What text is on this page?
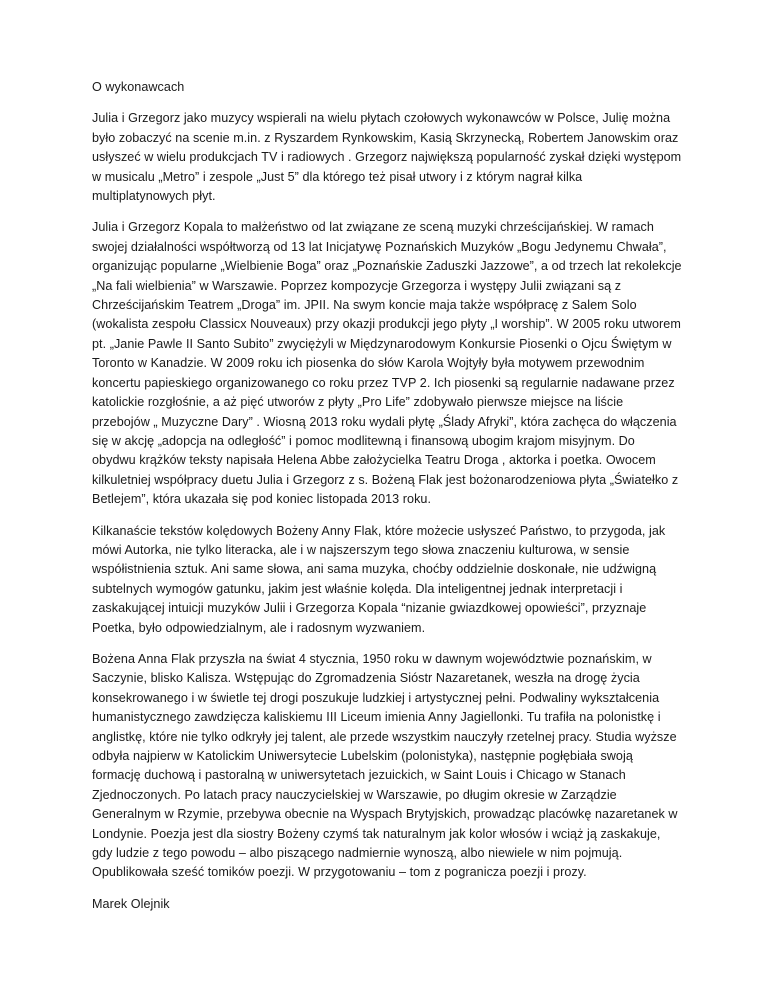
O wykonawcach

Julia i Grzegorz jako muzycy wspierali na wielu płytach czołowych wykonawców w Polsce, Julię można było zobaczyć na scenie m.in. z Ryszardem Rynkowskim, Kasią Skrzynecką, Robertem Janowskim oraz usłyszeć w wielu produkcjach TV i radiowych . Grzegorz największą popularność zyskał dzięki występom w musicalu „Metro” i zespole „Just 5” dla którego też pisał utwory i z którym nagrał kilka multiplatynowych płyt.

Julia i Grzegorz Kopala to małżeństwo od lat związane ze sceną muzyki chrześcijańskiej. W ramach swojej działalności współtworzą od 13 lat Inicjatywę Poznańskich Muzyków „Bogu Jedynemu Chwała”, organizując popularne „Wielbienie Boga” oraz „Poznańskie Zaduszki Jazzowe”, a od trzech lat rekolekcje „Na fali wielbienia” w Warszawie. Poprzez kompozycje Grzegorza i występy Julii związani są z Chrześcijańskim Teatrem „Droga” im. JPII. Na swym koncie maja także współpracę z Salem Solo (wokalista zespołu Classicx Nouveaux) przy okazji produkcji jego płyty „I worship”. W 2005 roku utworem pt. „Janie Pawle II Santo Subito” zwyciężyli w Międzynarodowym Konkursie Piosenki o Ojcu Świętym w Toronto w Kanadzie. W 2009 roku ich piosenka do słów Karola Wojtyły była motywem przewodnim koncertu papieskiego organizowanego co roku przez TVP 2. Ich piosenki są regularnie nadawane przez katolickie rozgłośnie, a aż pięć utworów z płyty „Pro Life” zdobywało pierwsze miejsce na liście przebojów „ Muzyczne Dary” . Wiosną 2013 roku wydali płytę „Ślady Afryki”, która zachęca do włączenia się w akcję „adopcja na odległość” i pomoc modlitewną i finansową ubogim krajom misyjnym. Do obydwu krążków teksty napisała Helena Abbe założycielka Teatru Droga , aktorka i poetka. Owocem kilkuletniej współpracy duetu Julia i Grzegorz z s. Bożeną Flak jest bożonarodzeniowa płyta „Światełko z Betlejem”, która ukazała się pod koniec listopada 2013 roku.

Kilkanaście tekstów kolędowych Bożeny Anny Flak, które możecie usłyszeć Państwo, to przygoda, jak mówi Autorka, nie tylko literacka, ale i w najszerszym tego słowa znaczeniu kulturowa, w sensie współistnienia sztuk. Ani same słowa, ani sama muzyka, choćby oddzielnie doskonałe, nie udźwigną subtelnych wymogów gatunku, jakim jest właśnie kolęda. Dla inteligentnej jednak interpretacji i zaskakującej intuicji muzyków Julii i Grzegorza Kopala “nizanie gwiazdkowej opowieści”, przyznaje Poetka, było odpowiedzialnym, ale i radosnym wyzwaniem.

Bożena Anna Flak przyszła na świat 4 stycznia, 1950 roku w dawnym województwie poznańskim, w Saczynie, blisko Kalisza. Wstępując do Zgromadzenia Sióstr Nazaretanek, weszła na drogę życia konsekrowanego i w świetle tej drogi poszukuje ludzkiej i artystycznej pełni. Podwaliny wykształcenia humanistycznego zawdzięcza kaliskiemu III Liceum imienia Anny Jagiellonki. Tu trafiła na polonistkę i anglistkę, które nie tylko odkryły jej talent, ale przede wszystkim nauczyły rzetelnej pracy. Studia wyższe odbyła najpierw w Katolickim Uniwersytecie Lubelskim (polonistyka), następnie pogłębiała swoją formację duchową i pastoralną w uniwersytetach jezuickich, w Saint Louis i Chicago w Stanach Zjednoczonych. Po latach pracy nauczycielskiej w Warszawie, po długim okresie w Zarządzie Generalnym w Rzymie, przebywa obecnie na Wyspach Brytyjskich, prowadząc placówkę nazaretanek w Londynie. Poezja jest dla siostry Bożeny czymś tak naturalnym jak kolor włosów i wciąż ją zaskakuje, gdy ludzie z tego powodu – albo piszącego nadmiernie wynoszą, albo niewiele w nim pojmują. Opublikowała sześć tomików poezji. W przygotowaniu – tom z pogranicza poezji i prozy.

Marek Olejnik
